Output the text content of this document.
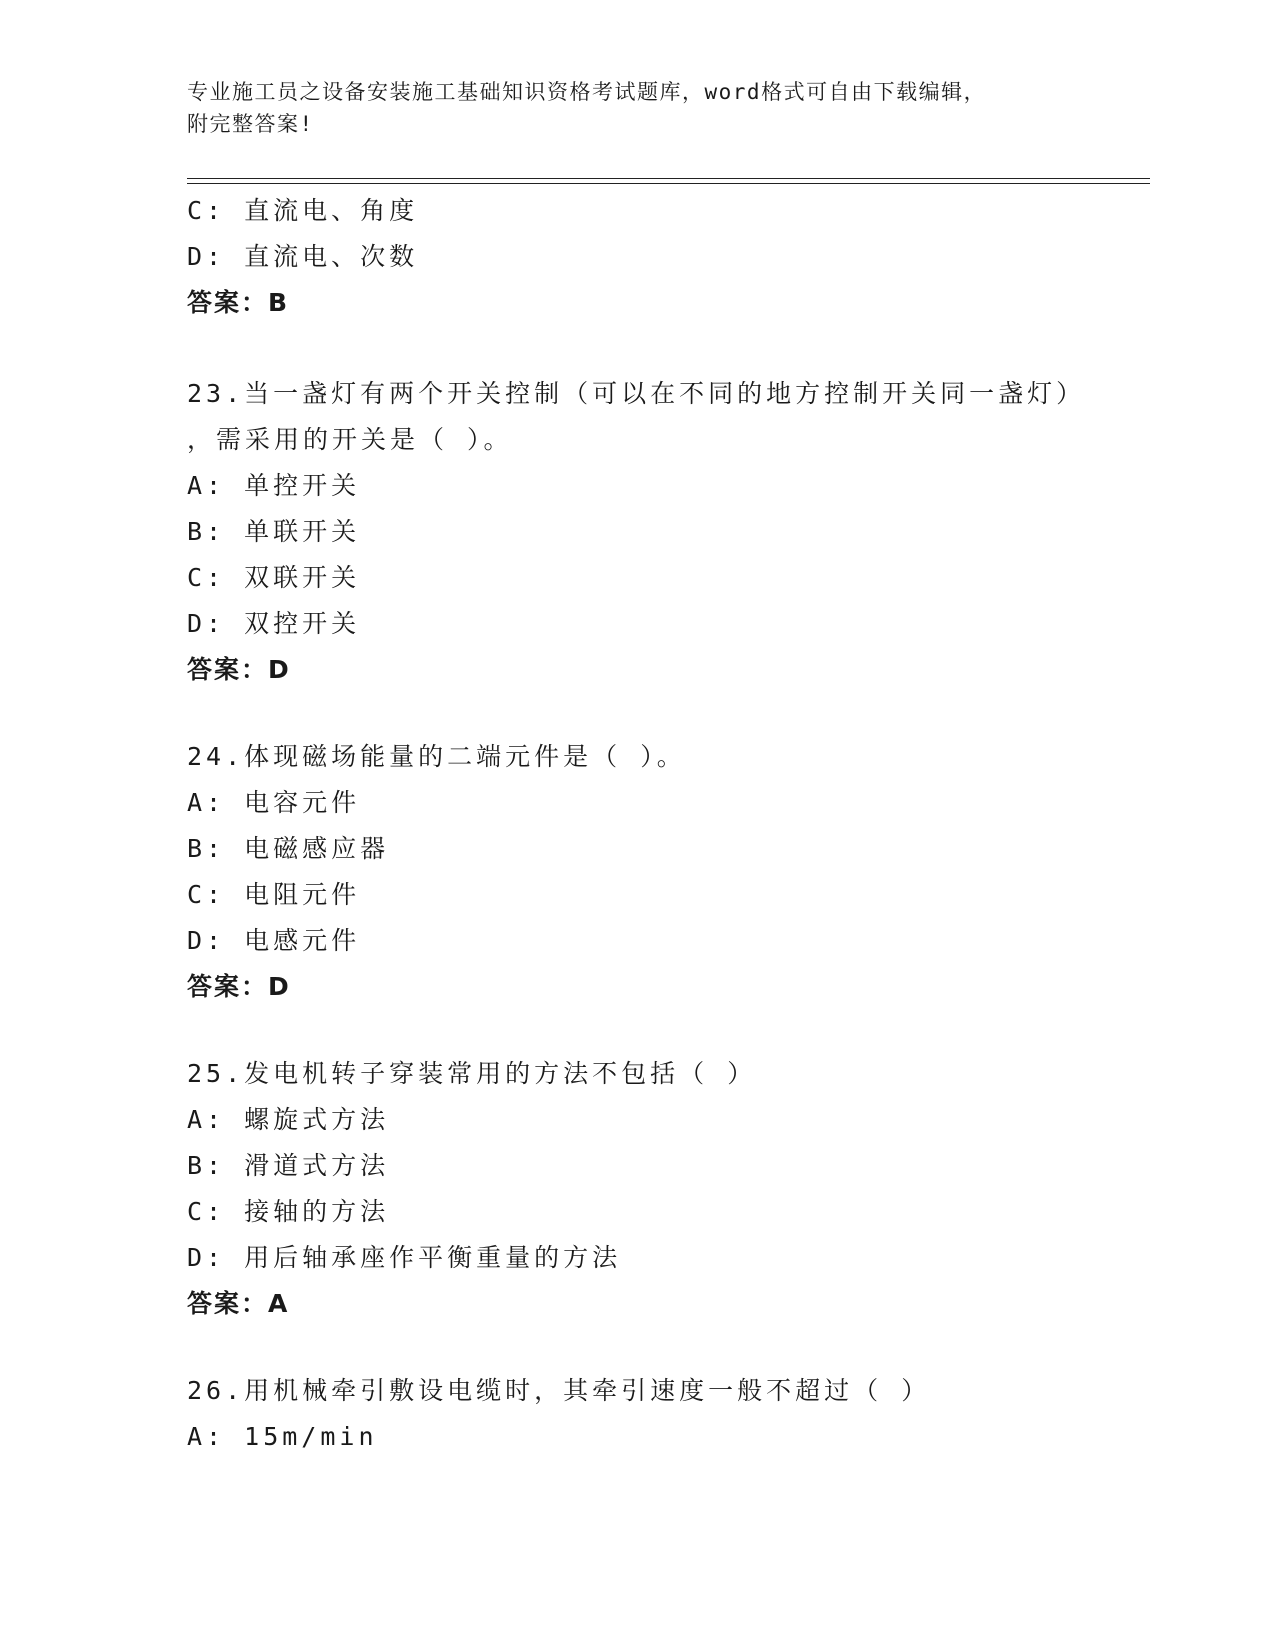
专业施工员之设备安装施工基础知识资格考试题库，word格式可自由下载编辑，
附完整答案!
C: 直流电、角度
D: 直流电、次数
答案：B
23.当一盏灯有两个开关控制（可以在不同的地方控制开关同一盏灯）
，需采用的开关是（ ）。
A: 单控开关
B: 单联开关
C: 双联开关
D: 双控开关
答案：D
24.体现磁场能量的二端元件是（ ）。
A: 电容元件
B: 电磁感应器
C: 电阻元件
D: 电感元件
答案：D
25.发电机转子穿装常用的方法不包括（ ）
A: 螺旋式方法
B: 滑道式方法
C: 接轴的方法
D: 用后轴承座作平衡重量的方法
答案：A
26.用机械牵引敷设电缆时，其牵引速度一般不超过（ ）
A: 15m/min
